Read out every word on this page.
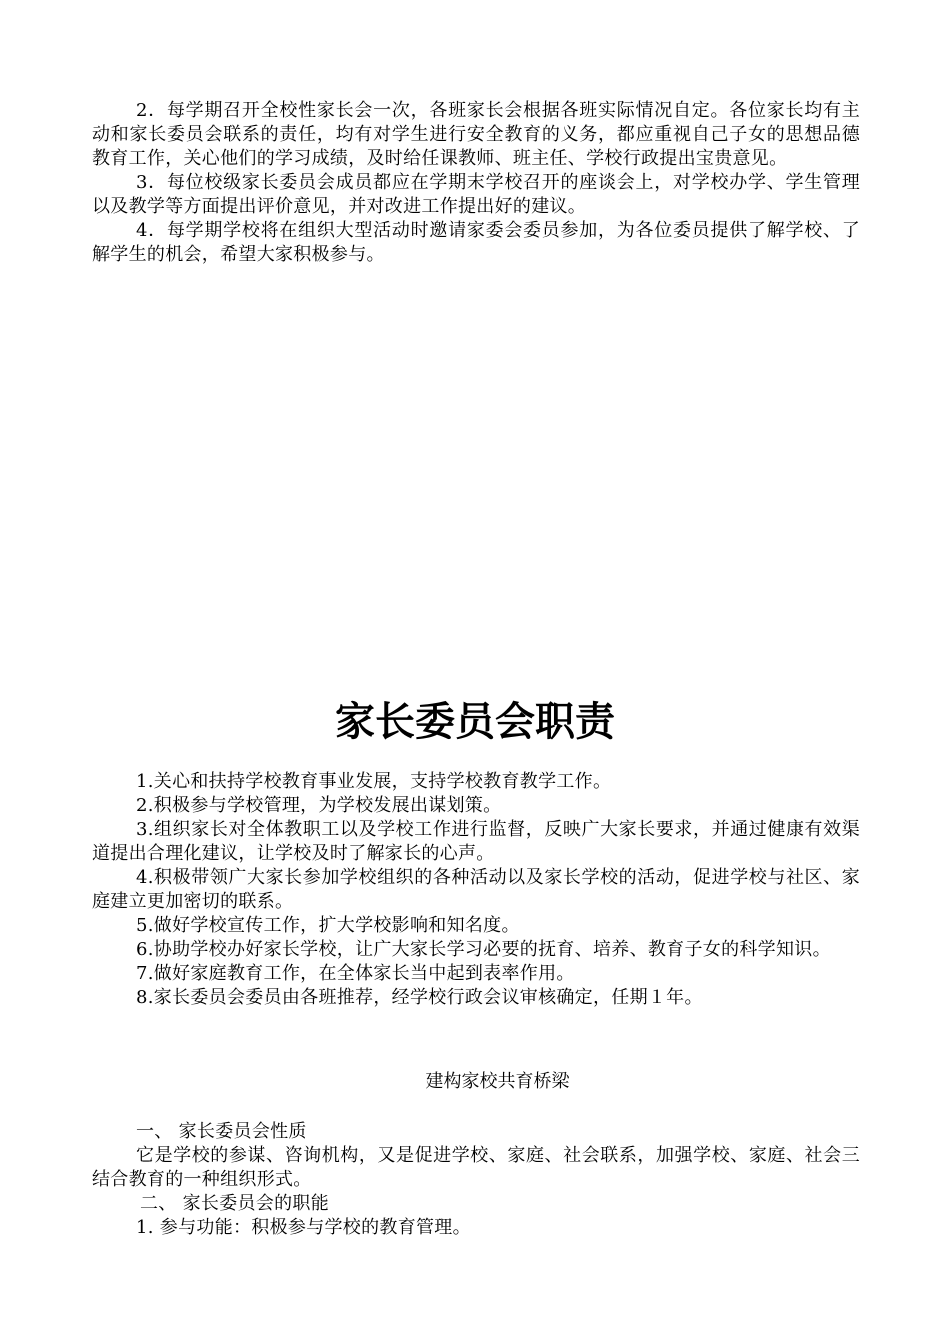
2．每学期召开全校性家长会一次，各班家长会根据各班实际情况自定。各位家长均有主动和家长委员会联系的责任，均有对学生进行安全教育的义务，都应重视自己子女的思想品德教育工作，关心他们的学习成绩，及时给任课教师、班主任、学校行政提出宝贵意见。

3．每位校级家长委员会成员都应在学期末学校召开的座谈会上，对学校办学、学生管理以及教学等方面提出评价意见，并对改进工作提出好的建议。

4．每学期学校将在组织大型活动时邀请家委会委员参加，为各位委员提供了解学校、了解学生的机会，希望大家积极参与。

家长委员会职责

1.关心和扶持学校教育事业发展，支持学校教育教学工作。

2.积极参与学校管理，为学校发展出谋划策。

3.组织家长对全体教职工以及学校工作进行监督，反映广大家长要求，并通过健康有效渠道提出合理化建议，让学校及时了解家长的心声。

4.积极带领广大家长参加学校组织的各种活动以及家长学校的活动，促进学校与社区、家庭建立更加密切的联系。

5.做好学校宣传工作，扩大学校影响和知名度。

6.协助学校办好家长学校，让广大家长学习必要的抚育、培养、教育子女的科学知识。

7.做好家庭教育工作，在全体家长当中起到表率作用。

8.家长委员会委员由各班推荐，经学校行政会议审核确定，任期１年。

建构家校共育桥梁

一、 家长委员会性质

它是学校的参谋、咨询机构，又是促进学校、家庭、社会联系，加强学校、家庭、社会三结合教育的一种组织形式。

二、 家长委员会的职能

1. 参与功能：积极参与学校的教育管理。
